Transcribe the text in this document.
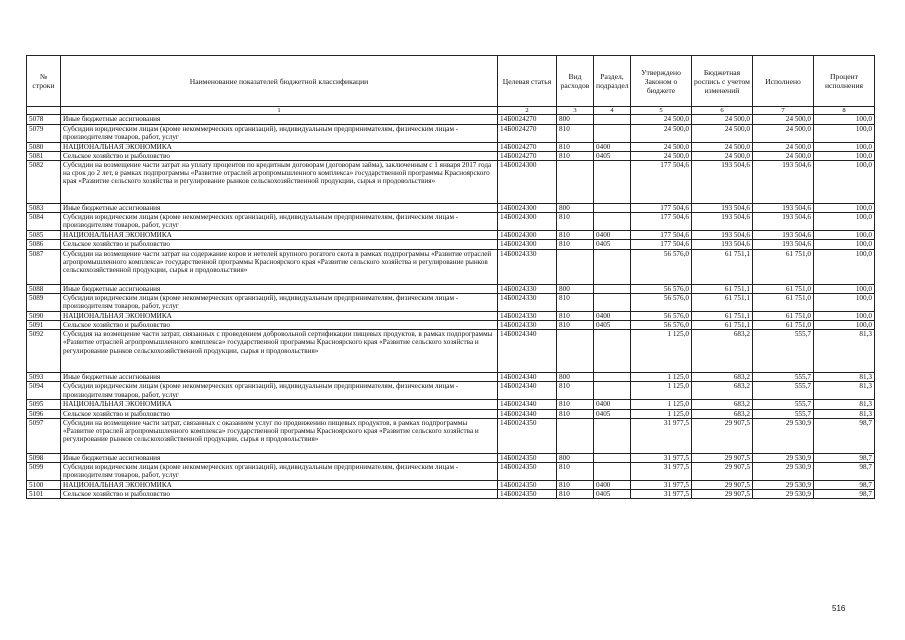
№ строки	Наименование показателей бюджетной классификации	Целевая статья	Вид расходов	Раздел, подраздел	Утверждено Законом о бюджете	Бюджетная роспись с учетом изменений	Исполнено	Процент исполнения
	1	2	3	4	5	6	7	8
5078	Иные бюджетные ассигнования	14Б0024270	800		24 500,0	24 500,0	24 500,0	100,0
5079	Субсидии юридическим лицам (кроме некоммерческих организаций), индивидуальным предпринимателям, физическим лицам - производителям товаров, работ, услуг	14Б0024270	810		24 500,0	24 500,0	24 500,0	100,0
5080	НАЦИОНАЛЬНАЯ ЭКОНОМИКА	14Б0024270	810	0400	24 500,0	24 500,0	24 500,0	100,0
5081	Сельское хозяйство и рыболовство	14Б0024270	810	0405	24 500,0	24 500,0	24 500,0	100,0
5082	Субсидии на возмещение части затрат на уплату процентов по кредитным договорам (договорам займа), заключенным с 1 января 2017 года на срок до 2 лет, в рамках подпрограммы «Развитие отраслей агропромышленного комплекса» государственной программы Красноярского края «Развитие сельского хозяйства и регулирование рынков сельскохозяйственной продукции, сырья и продовольствия»	14Б0024300			177 504,6	193 504,6	193 504,6	100,0
5083	Иные бюджетные ассигнования	14Б0024300	800		177 504,6	193 504,6	193 504,6	100,0
5084	Субсидии юридическим лицам (кроме некоммерческих организаций), индивидуальным предпринимателям, физическим лицам - производителям товаров, работ, услуг	14Б0024300	810		177 504,6	193 504,6	193 504,6	100,0
5085	НАЦИОНАЛЬНАЯ ЭКОНОМИКА	14Б0024300	810	0400	177 504,6	193 504,6	193 504,6	100,0
5086	Сельское хозяйство и рыболовство	14Б0024300	810	0405	177 504,6	193 504,6	193 504,6	100,0
5087	Субсидии на возмещение части затрат на содержание коров и нетелей крупного рогатого скота в рамках подпрограммы «Развитие отраслей агропромышленного комплекса» государственной программы Красноярского края «Развитие сельского хозяйства и регулирование рынков сельскохозяйственной продукции, сырья и продовольствия»	14Б0024330			56 576,0	61 751,1	61 751,0	100,0
5088	Иные бюджетные ассигнования	14Б0024330	800		56 576,0	61 751,1	61 751,0	100,0
5089	Субсидии юридическим лицам (кроме некоммерческих организаций), индивидуальным предпринимателям, физическим лицам - производителям товаров, работ, услуг	14Б0024330	810		56 576,0	61 751,1	61 751,0	100,0
5090	НАЦИОНАЛЬНАЯ ЭКОНОМИКА	14Б0024330	810	0400	56 576,0	61 751,1	61 751,0	100,0
5091	Сельское хозяйство и рыболовство	14Б0024330	810	0405	56 576,0	61 751,1	61 751,0	100,0
5092	Субсидия на возмещение части затрат, связанных с проведением добровольной сертификации пищевых продуктов, в рамках подпрограммы «Развитие отраслей агропромышленного комплекса» государственной программы Красноярского края «Развитие сельского хозяйства и регулирование рынков сельскохозяйственной продукции, сырья и продовольствия»	14Б0024340			1 125,0	683,2	555,7	81,3
5093	Иные бюджетные ассигнования	14Б0024340	800		1 125,0	683,2	555,7	81,3
5094	Субсидии юридическим лицам (кроме некоммерческих организаций), индивидуальным предпринимателям, физическим лицам - производителям товаров, работ, услуг	14Б0024340	810		1 125,0	683,2	555,7	81,3
5095	НАЦИОНАЛЬНАЯ ЭКОНОМИКА	14Б0024340	810	0400	1 125,0	683,2	555,7	81,3
5096	Сельское хозяйство и рыболовство	14Б0024340	810	0405	1 125,0	683,2	555,7	81,3
5097	Субсидии на возмещение части затрат, связанных с оказанием услуг по продвижению пищевых продуктов, в рамках подпрограммы «Развитие отраслей агропромышленного комплекса» государственной программы Красноярского края «Развитие сельского хозяйства и регулирование рынков сельскохозяйственной продукции, сырья и продовольствия»	14Б0024350			31 977,5	29 907,5	29 530,9	98,7
5098	Иные бюджетные ассигнования	14Б0024350	800		31 977,5	29 907,5	29 530,9	98,7
5099	Субсидии юридическим лицам (кроме некоммерческих организаций), индивидуальным предпринимателям, физическим лицам - производителям товаров, работ, услуг	14Б0024350	810		31 977,5	29 907,5	29 530,9	98,7
5100	НАЦИОНАЛЬНАЯ ЭКОНОМИКА	14Б0024350	810	0400	31 977,5	29 907,5	29 530,9	98,7
5101	Сельское хозяйство и рыболовство	14Б0024350	810	0405	31 977,5	29 907,5	29 530,9	98,7
516
